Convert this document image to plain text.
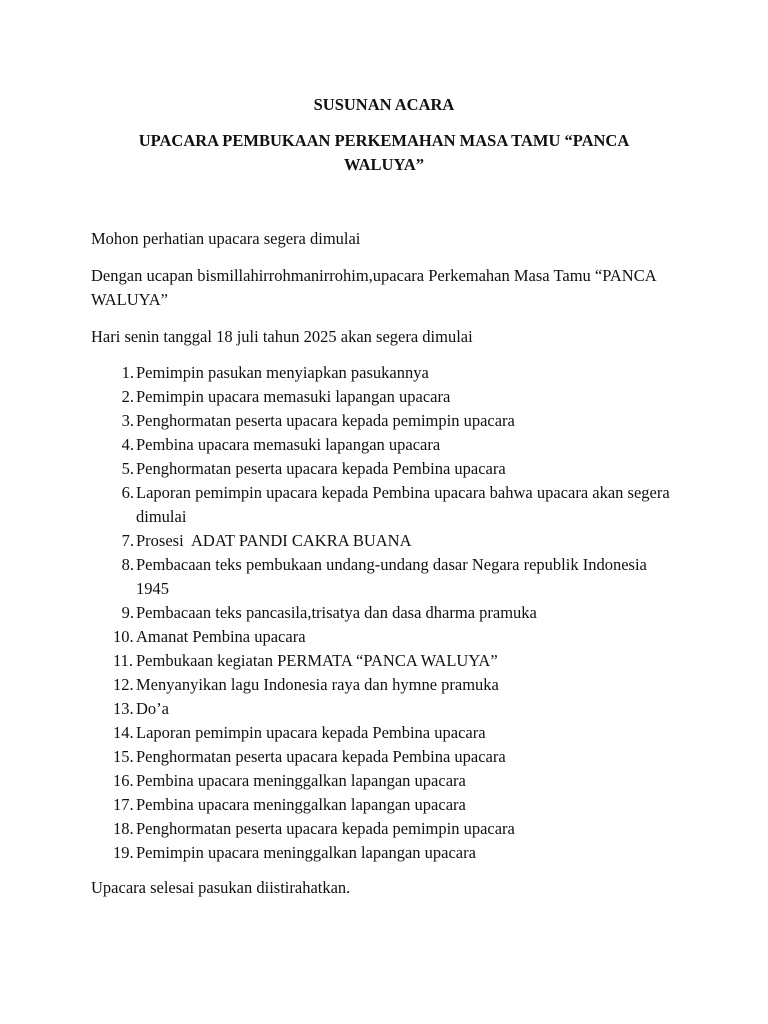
SUSUNAN ACARA
UPACARA PEMBUKAAN PERKEMAHAN MASA TAMU “PANCA WALUYA”
Mohon perhatian upacara segera dimulai
Dengan ucapan bismillahirrohmanirrohim,upacara Perkemahan Masa Tamu “PANCA WALUYA”
Hari senin tanggal 18 juli tahun 2025 akan segera dimulai
1. Pemimpin pasukan menyiapkan pasukannya
2. Pemimpin upacara memasuki lapangan upacara
3. Penghormatan peserta upacara kepada pemimpin upacara
4. Pembina upacara memasuki lapangan upacara
5. Penghormatan peserta upacara kepada Pembina upacara
6. Laporan pemimpin upacara kepada Pembina upacara bahwa upacara akan segera dimulai
7. Prosesi  ADAT PANDI CAKRA BUANA
8. Pembacaan teks pembukaan undang-undang dasar Negara republik Indonesia 1945
9. Pembacaan teks pancasila,trisatya dan dasa dharma pramuka
10. Amanat Pembina upacara
11. Pembukaan kegiatan PERMATA “PANCA WALUYA”
12. Menyanyikan lagu Indonesia raya dan hymne pramuka
13. Do’a
14. Laporan pemimpin upacara kepada Pembina upacara
15. Penghormatan peserta upacara kepada Pembina upacara
16. Pembina upacara meninggalkan lapangan upacara
17. Pembina upacara meninggalkan lapangan upacara
18. Penghormatan peserta upacara kepada pemimpin upacara
19. Pemimpin upacara meninggalkan lapangan upacara
Upacara selesai pasukan diistirahatkan.
